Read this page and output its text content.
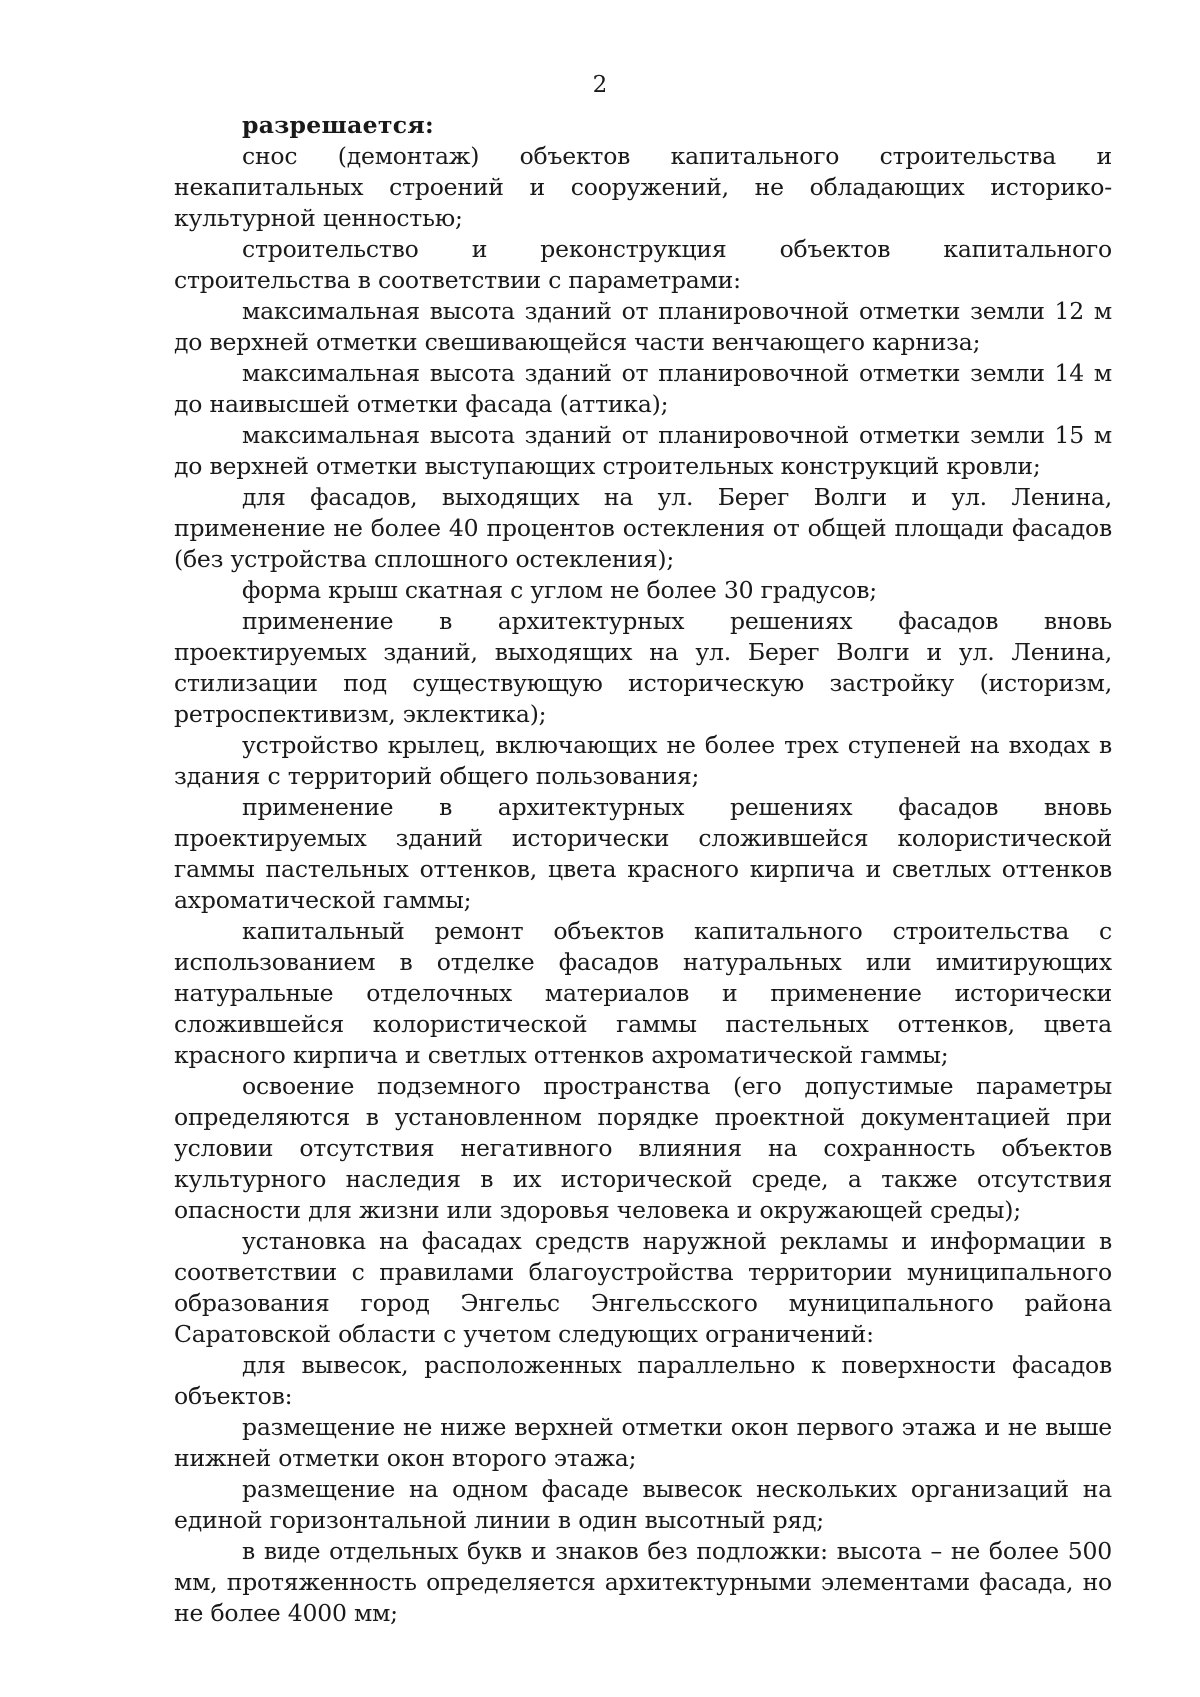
2

разрешается:

снос (демонтаж) объектов капитального строительства и некапитальных строений и сооружений, не обладающих историко-культурной ценностью;

строительство и реконструкция объектов капитального строительства в соответствии с параметрами:

максимальная высота зданий от планировочной отметки земли 12 м до верхней отметки свешивающейся части венчающего карниза;

максимальная высота зданий от планировочной отметки земли 14 м до наивысшей отметки фасада (аттика);

максимальная высота зданий от планировочной отметки земли 15 м до верхней отметки выступающих строительных конструкций кровли;

для фасадов, выходящих на ул. Берег Волги и ул. Ленина, применение не более 40 процентов остекления от общей площади фасадов (без устройства сплошного остекления);

форма крыш скатная с углом не более 30 градусов;

применение в архитектурных решениях фасадов вновь проектируемых зданий, выходящих на ул. Берег Волги и ул. Ленина, стилизации под существующую историческую застройку (историзм, ретроспективизм, эклектика);

устройство крылец, включающих не более трех ступеней на входах в здания с территорий общего пользования;

применение в архитектурных решениях фасадов вновь проектируемых зданий исторически сложившейся колористической гаммы пастельных оттенков, цвета красного кирпича и светлых оттенков ахроматической гаммы;

капитальный ремонт объектов капитального строительства с использованием в отделке фасадов натуральных или имитирующих натуральные отделочных материалов и применение исторически сложившейся колористической гаммы пастельных оттенков, цвета красного кирпича и светлых оттенков ахроматической гаммы;

освоение подземного пространства (его допустимые параметры определяются в установленном порядке проектной документацией при условии отсутствия негативного влияния на сохранность объектов культурного наследия в их исторической среде, а также отсутствия опасности для жизни или здоровья человека и окружающей среды);

установка на фасадах средств наружной рекламы и информации в соответствии с правилами благоустройства территории муниципального образования город Энгельс Энгельсского муниципального района Саратовской области с учетом следующих ограничений:

для вывесок, расположенных параллельно к поверхности фасадов объектов:

размещение не ниже верхней отметки окон первого этажа и не выше нижней отметки окон второго этажа;

размещение на одном фасаде вывесок нескольких организаций на единой горизонтальной линии в один высотный ряд;

в виде отдельных букв и знаков без подложки: высота – не более 500 мм, протяженность определяется архитектурными элементами фасада, но не более 4000 мм;
